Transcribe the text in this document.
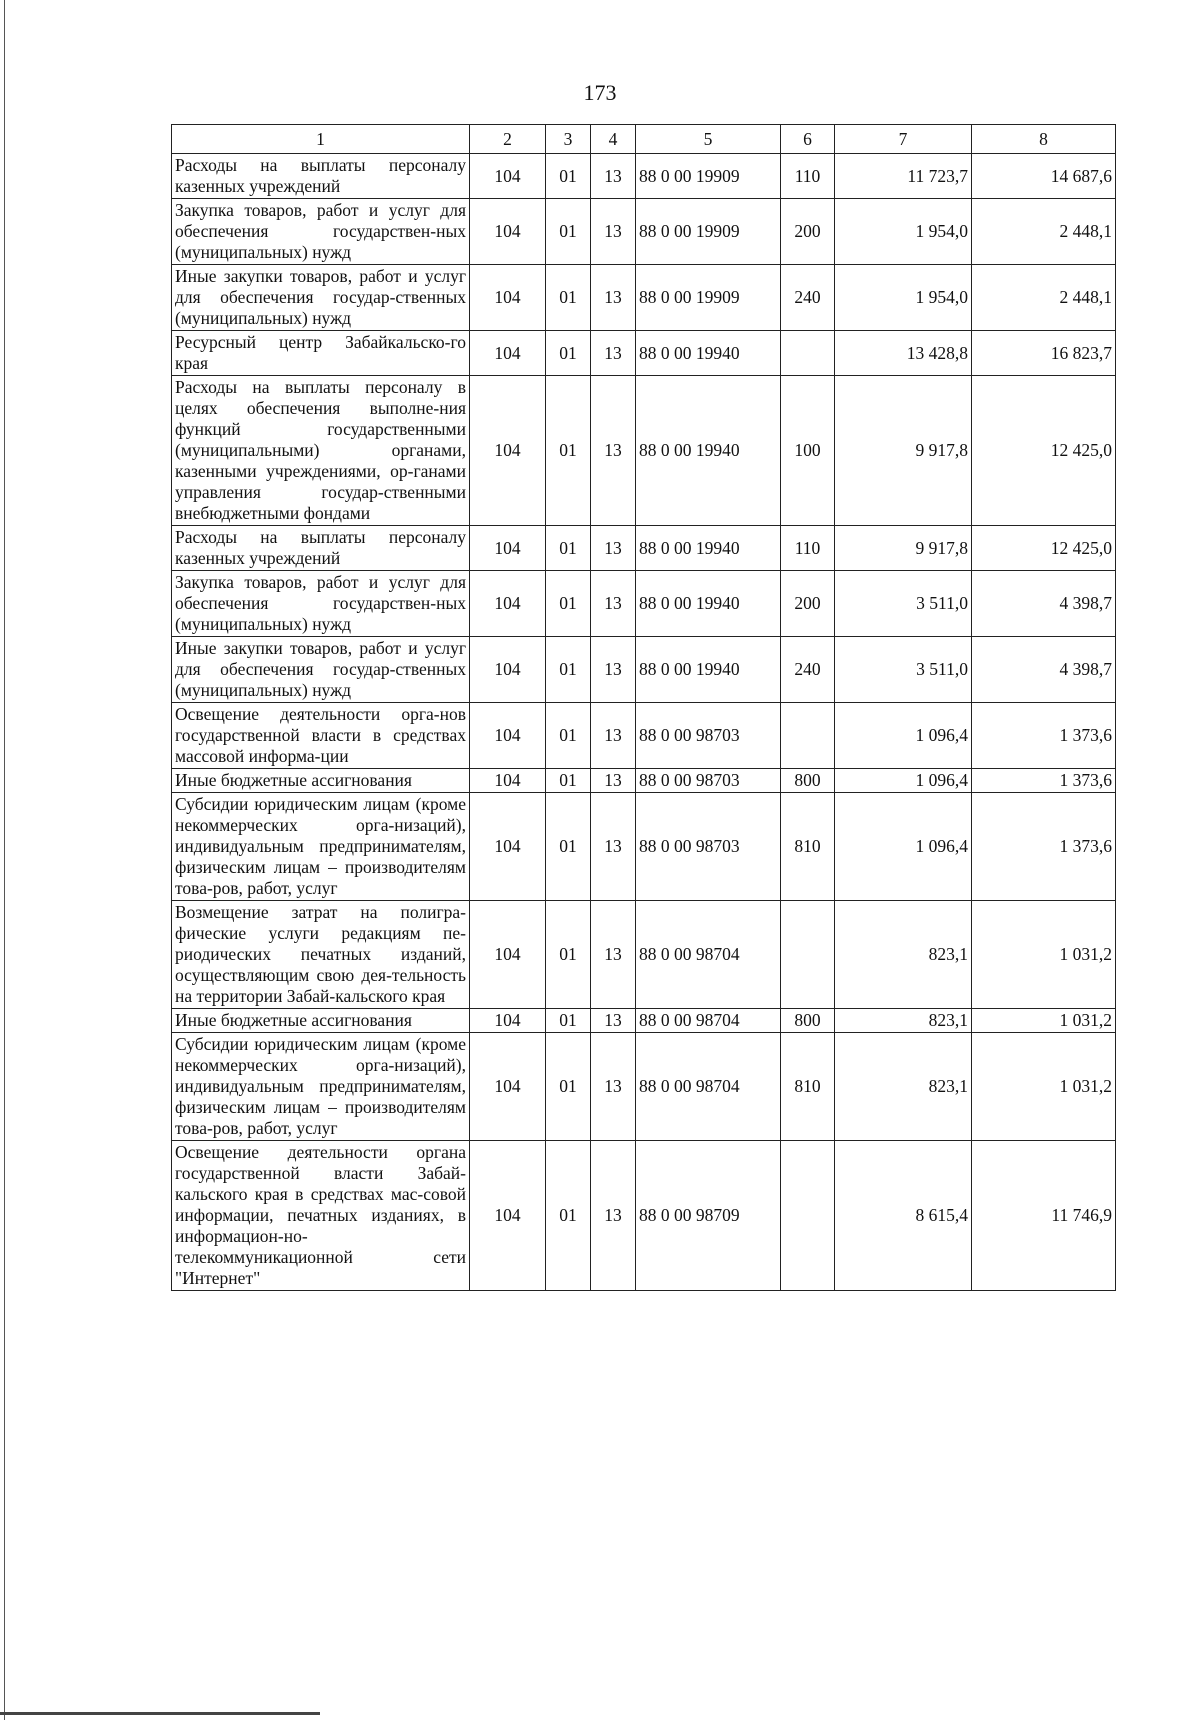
173
1	2	3	4	5	6	7	8
Расходы на выплаты персоналу казенных учреждений	104	01	13	88 0 00 19909	110	11 723,7	14 687,6
Закупка товаров, работ и услуг для обеспечения государствен-ных (муниципальных) нужд	104	01	13	88 0 00 19909	200	1 954,0	2 448,1
Иные закупки товаров, работ и услуг для обеспечения государ-ственных (муниципальных) нужд	104	01	13	88 0 00 19909	240	1 954,0	2 448,1
Ресурсный центр Забайкальско-го края	104	01	13	88 0 00 19940		13 428,8	16 823,7
Расходы на выплаты персоналу в целях обеспечения выполне-ния функций государственными (муниципальными) органами, казенными учреждениями, ор-ганами управления государ-ственными внебюджетными фондами	104	01	13	88 0 00 19940	100	9 917,8	12 425,0
Расходы на выплаты персоналу казенных учреждений	104	01	13	88 0 00 19940	110	9 917,8	12 425,0
Закупка товаров, работ и услуг для обеспечения государствен-ных (муниципальных) нужд	104	01	13	88 0 00 19940	200	3 511,0	4 398,7
Иные закупки товаров, работ и услуг для обеспечения государ-ственных (муниципальных) нужд	104	01	13	88 0 00 19940	240	3 511,0	4 398,7
Освещение деятельности орга-нов государственной власти в средствах массовой информа-ции	104	01	13	88 0 00 98703		1 096,4	1 373,6
Иные бюджетные ассигнования	104	01	13	88 0 00 98703	800	1 096,4	1 373,6
Субсидии юридическим лицам (кроме некоммерческих орга-низаций), индивидуальным предпринимателям, физическим лицам – производителям това-ров, работ, услуг	104	01	13	88 0 00 98703	810	1 096,4	1 373,6
Возмещение затрат на полигра-фические услуги редакциям пе-риодических печатных изданий, осуществляющим свою дея-тельность на территории Забай-кальского края	104	01	13	88 0 00 98704		823,1	1 031,2
Иные бюджетные ассигнования	104	01	13	88 0 00 98704	800	823,1	1 031,2
Субсидии юридическим лицам (кроме некоммерческих орга-низаций), индивидуальным предпринимателям, физическим лицам – производителям това-ров, работ, услуг	104	01	13	88 0 00 98704	810	823,1	1 031,2
Освещение деятельности органа государственной власти Забай-кальского края в средствах мас-совой информации, печатных изданиях, в информацион-но-телекоммуникационной сети "Интернет"	104	01	13	88 0 00 98709		8 615,4	11 746,9
